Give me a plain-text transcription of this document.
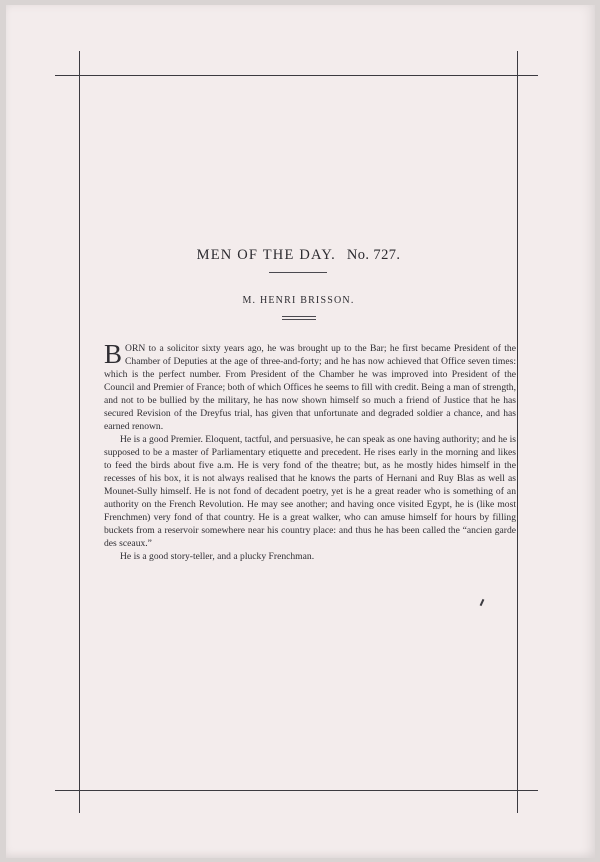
MEN OF THE DAY. No. 727.
M. HENRI BRISSON.

BORN to a solicitor sixty years ago, he was brought up to the Bar; he first became President of the Chamber of Deputies at the age of three-and-forty; and he has now achieved that Office seven times: which is the perfect number. From President of the Chamber he was improved into President of the Council and Premier of France; both of which Offices he seems to fill with credit. Being a man of strength, and not to be bullied by the military, he has now shown himself so much a friend of Justice that he has secured Revision of the Dreyfus trial, has given that unfortunate and degraded soldier a chance, and has earned renown.

He is a good Premier. Eloquent, tactful, and persuasive, he can speak as one having authority; and he is supposed to be a master of Parliamentary etiquette and precedent. He rises early in the morning and likes to feed the birds about five a.m. He is very fond of the theatre; but, as he mostly hides himself in the recesses of his box, it is not always realised that he knows the parts of Hernani and Ruy Blas as well as Mounet-Sully himself. He is not fond of decadent poetry, yet is he a great reader who is something of an authority on the French Revolution. He may see another; and having once visited Egypt, he is (like most Frenchmen) very fond of that country. He is a great walker, who can amuse himself for hours by filling buckets from a reservoir somewhere near his country place: and thus he has been called the “ancien garde des sceaux.”

He is a good story-teller, and a plucky Frenchman.
